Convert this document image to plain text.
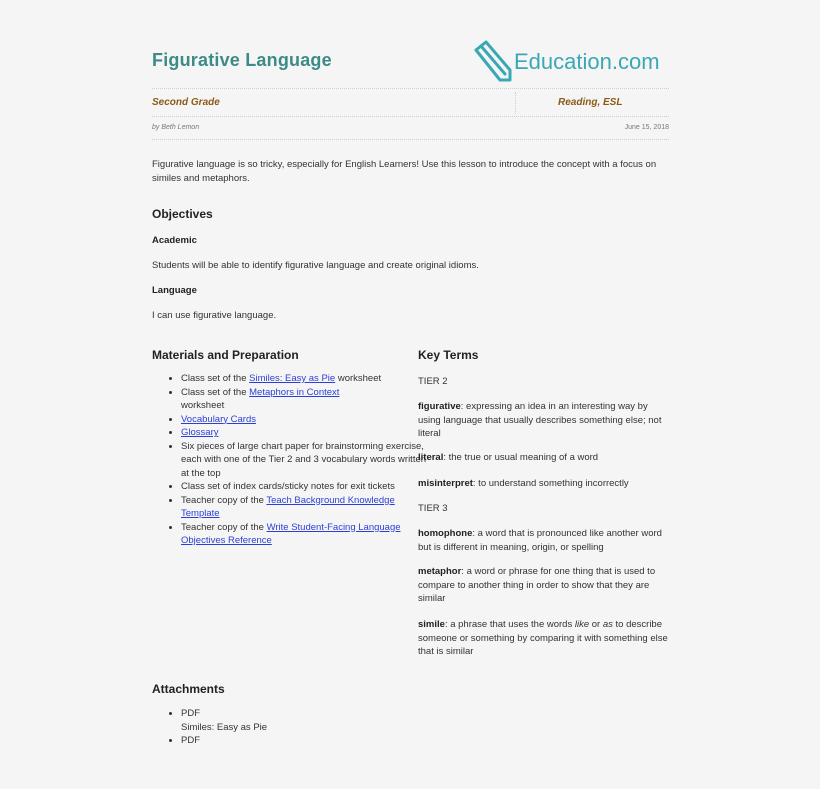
Figurative Language	Education.com
Second Grade	Reading, ESL
by Beth Lemon	June 15, 2018
Figurative language is so tricky, especially for English Learners! Use this lesson to introduce the concept with a focus on similes and metaphors.
Objectives
Academic
Students will be able to identify figurative language and create original idioms.
Language
I can use figurative language.
Materials and Preparation
• Class set of the Similes: Easy as Pie worksheet
• Class set of the Metaphors in Context
worksheet
• Vocabulary Cards
• Glossary
• Six pieces of large chart paper for brainstorming exercise, each with one of the Tier 2 and 3 vocabulary words written at the top
• Class set of index cards/sticky notes for exit tickets
• Teacher copy of the Teach Background Knowledge Template
• Teacher copy of the Write Student-Facing Language Objectives Reference
Key Terms
TIER 2
figurative: expressing an idea in an interesting way by using language that usually describes something else; not literal
literal: the true or usual meaning of a word
misinterpret: to understand something incorrectly
TIER 3
homophone: a word that is pronounced like another word but is different in meaning, origin, or spelling
metaphor: a word or phrase for one thing that is used to compare to another thing in order to show that they are similar
simile: a phrase that uses the words like or as to describe someone or something by comparing it with something else that is similar
Attachments
• PDF
Similes: Easy as Pie
• PDF
